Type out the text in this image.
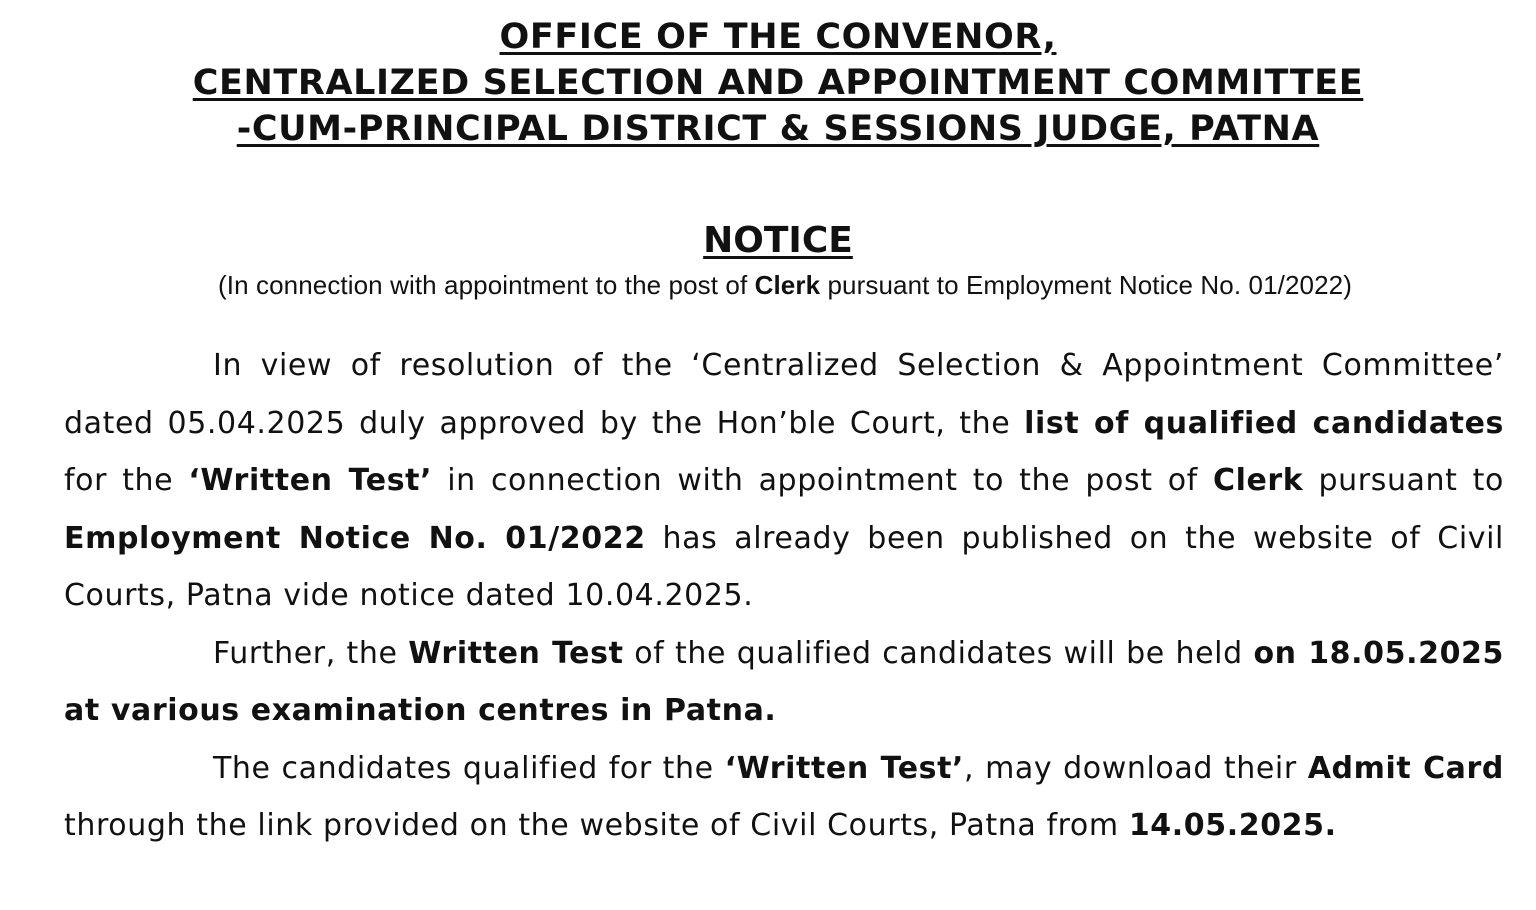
OFFICE OF THE CONVENOR,
CENTRALIZED SELECTION AND APPOINTMENT COMMITTEE
-CUM-PRINCIPAL DISTRICT & SESSIONS JUDGE, PATNA
NOTICE
(In connection with appointment to the post of Clerk pursuant to Employment Notice No. 01/2022)

In view of resolution of the ‘Centralized Selection & Appointment Committee’ dated 05.04.2025 duly approved by the Hon’ble Court, the list of qualified candidates for the ‘Written Test’ in connection with appointment to the post of Clerk pursuant to Employment Notice No. 01/2022 has already been published on the website of Civil Courts, Patna vide notice dated 10.04.2025.

Further, the Written Test of the qualified candidates will be held on 18.05.2025 at various examination centres in Patna.

The candidates qualified for the ‘Written Test’, may download their Admit Card through the link provided on the website of Civil Courts, Patna from 14.05.2025.
